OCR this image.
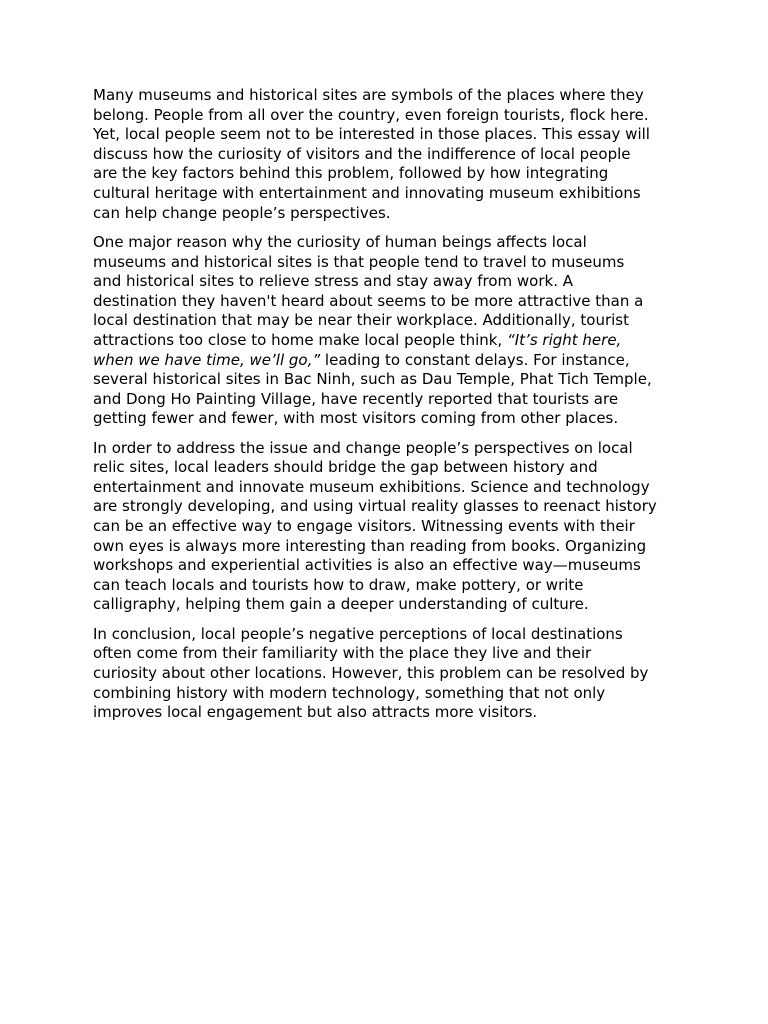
Many museums and historical sites are symbols of the places where they
belong. People from all over the country, even foreign tourists, flock here.
Yet, local people seem not to be interested in those places. This essay will
discuss how the curiosity of visitors and the indifference of local people
are the key factors behind this problem, followed by how integrating
cultural heritage with entertainment and innovating museum exhibitions
can help change people’s perspectives.

One major reason why the curiosity of human beings affects local
museums and historical sites is that people tend to travel to museums
and historical sites to relieve stress and stay away from work. A
destination they haven't heard about seems to be more attractive than a
local destination that may be near their workplace. Additionally, tourist
attractions too close to home make local people think, “It’s right here,
when we have time, we’ll go,” leading to constant delays. For instance,
several historical sites in Bac Ninh, such as Dau Temple, Phat Tich Temple,
and Dong Ho Painting Village, have recently reported that tourists are
getting fewer and fewer, with most visitors coming from other places.

In order to address the issue and change people’s perspectives on local
relic sites, local leaders should bridge the gap between history and
entertainment and innovate museum exhibitions. Science and technology
are strongly developing, and using virtual reality glasses to reenact history
can be an effective way to engage visitors. Witnessing events with their
own eyes is always more interesting than reading from books. Organizing
workshops and experiential activities is also an effective way—museums
can teach locals and tourists how to draw, make pottery, or write
calligraphy, helping them gain a deeper understanding of culture.

In conclusion, local people’s negative perceptions of local destinations
often come from their familiarity with the place they live and their
curiosity about other locations. However, this problem can be resolved by
combining history with modern technology, something that not only
improves local engagement but also attracts more visitors.
